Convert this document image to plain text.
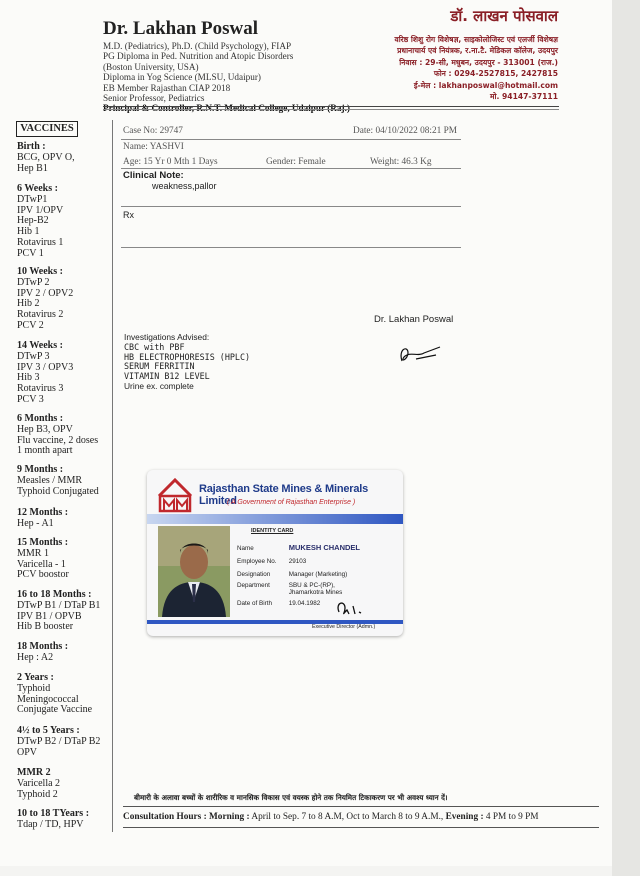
Dr. Lakhan Poswal
M.D. (Pediatrics), Ph.D. (Child Psychology), FIAP
PG Diploma in Ped. Nutrition and Atopic Disorders
(Boston University, USA)
Diploma in Yog Science (MLSU, Udaipur)
EB Member Rajasthan CIAP 2018
Senior Professor, Pediatrics
Principal & Controller, R.N.T. Medical College, Udaipur (Raj.)
डॉ. लाखन पोसवाल
वरिष्ठ शिशु रोग विशेषज्ञ, साइकोलोजिस्ट एवं एलर्जी विशेषज्ञ
प्रधानाचार्य एवं नियंत्रक, र.ना.टै. मेडिकल कॉलेज, उदयपुर
निवास : 29-सी, मधुबन, उदयपुर - 313001 (राज.)
फोन : 0294-2527815, 2427815
ई-मेल : lakhanposwal@hotmail.com
मो. 94147-37111
VACCINES
Birth :
BCG, OPV O,
Hep B1
6 Weeks :
DTwP1
IPV 1/OPV
Hep-B2
Hib 1
Rotavirus 1
PCV 1
10 Weeks :
DTwP 2
IPV 2 / OPV2
Hib 2
Rotavirus 2
PCV 2
14 Weeks :
DTwP 3
IPV 3 / OPV3
Hib 3
Rotavirus 3
PCV 3
6 Months :
Hep B3, OPV
Flu vaccine, 2 doses
1 month apart
9 Months :
Measles / MMR
Typhoid Conjugated
12 Months :
Hep - A1
15 Months :
MMR 1
Varicella - 1
PCV boostor
16 to 18 Months :
DTwP B1 / DTaP B1
IPV B1 / OPVB
Hib B booster
18 Months :
Hep : A2
2 Years :
Typhoid
Meningococcal
Conjugate Vaccine
4½ to 5 Years :
DTwP B2 / DTaP B2
OPV
MMR 2
Varicella 2
Typhoid 2
10 to 18 TYears :
Tdap / TD, HPV
Case No: 29747	Date: 04/10/2022 08:21 PM
Name: YASHVI
Age: 15 Yr 0 Mth 1 Days	Gender: Female	Weight: 46.3 Kg
Clinical Note:
weakness,pallor
Rx
Dr. Lakhan Poswal
Investigations Advised:
CBC with PBF
HB ELECTROPHORESIS (HPLC)
SERUM FERRITIN
VITAMIN B12 LEVEL
Urine ex. complete
Rajasthan State Mines & Minerals Limited
( A Government of Rajasthan Enterprise )
IDENTITY CARD
Name	MUKESH CHANDEL
Employee No. 29103
Designation	Manager (Marketing)
Department	SBU & PC-(RP),
Jhamarkotra Mines
Date of Birth	19.04.1982
Executive Director (Admn.)
बीमारी के अलावा बच्चों के शारीरिक व मानसिक विकास एवं वयस्क होने तक नियमित टिकाकरण पर भी अवश्य ध्यान दें।
Consultation Hours : Morning : April to Sep. 7 to 8 A.M, Oct to March 8 to 9 A.M., Evening : 4 PM to 9 PM
